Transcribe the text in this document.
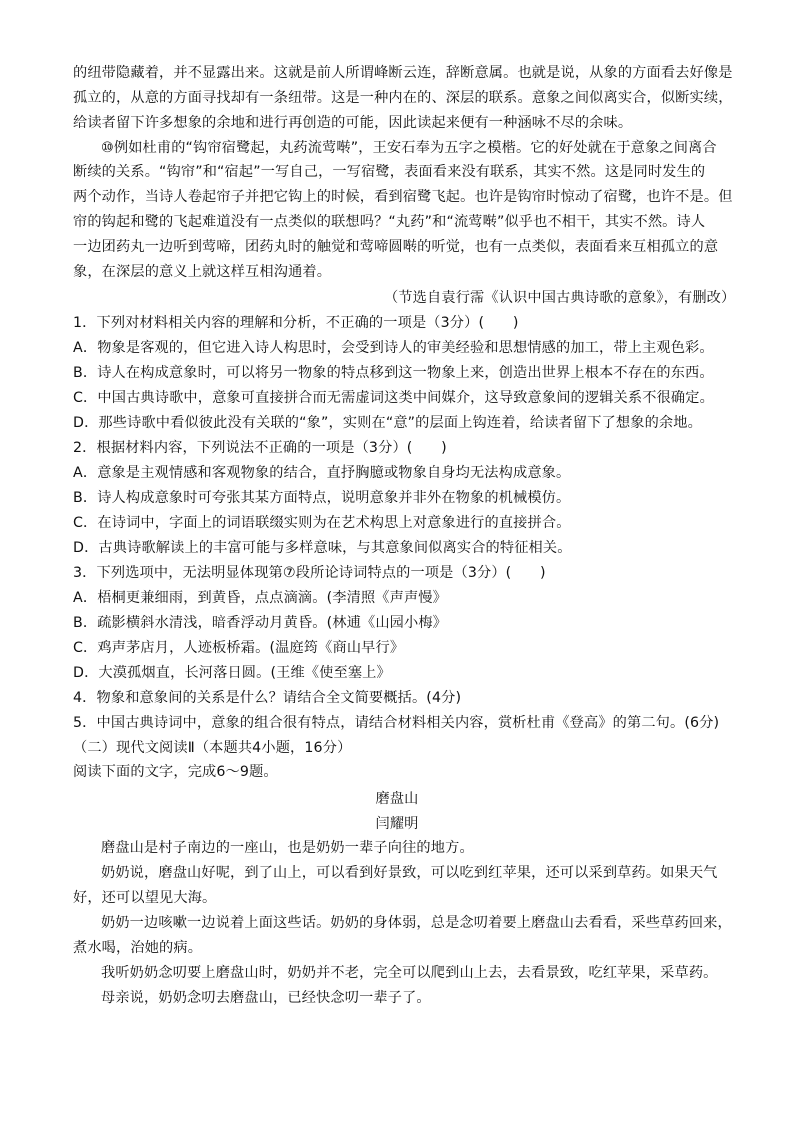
的纽带隐藏着，并不显露出来。这就是前人所谓峰断云连，辞断意属。也就是说，从象的方面看去好像是
孤立的，从意的方面寻找却有一条纽带。这是一种内在的、深层的联系。意象之间似离实合，似断实续，
给读者留下许多想象的余地和进行再创造的可能，因此读起来便有一种涵咏不尽的余味。
⑩例如杜甫的“钩帘宿鹭起，丸药流莺啭”，王安石奉为五字之模楷。它的好处就在于意象之间离合
断续的关系。“钩帘”和“宿起”一写自己，一写宿鹭，表面看来没有联系，其实不然。这是同时发生的
两个动作，当诗人卷起帘子并把它钩上的时候，看到宿鹭飞起。也许是钩帘时惊动了宿鹭，也许不是。但
帘的钩起和鹭的飞起难道没有一点类似的联想吗？“丸药”和“流莺啭”似乎也不相干，其实不然。诗人
一边团药丸一边听到莺啼，团药丸时的触觉和莺啼圆啭的听觉，也有一点类似，表面看来互相孤立的意
象，在深层的意义上就这样互相沟通着。
（节选自袁行霈《认识中国古典诗歌的意象》，有删改）
1．下列对材料相关内容的理解和分析，不正确的一项是（3分）(　　)
A．物象是客观的，但它进入诗人构思时，会受到诗人的审美经验和思想情感的加工，带上主观色彩。
B．诗人在构成意象时，可以将另一物象的特点移到这一物象上来，创造出世界上根本不存在的东西。
C．中国古典诗歌中，意象可直接拼合而无需虚词这类中间媒介，这导致意象间的逻辑关系不很确定。
D．那些诗歌中看似彼此没有关联的“象”，实则在“意”的层面上钩连着，给读者留下了想象的余地。
2．根据材料内容，下列说法不正确的一项是（3分）(　　)
A．意象是主观情感和客观物象的结合，直抒胸臆或物象自身均无法构成意象。
B．诗人构成意象时可夸张其某方面特点，说明意象并非外在物象的机械模仿。
C．在诗词中，字面上的词语联缀实则为在艺术构思上对意象进行的直接拼合。
D．古典诗歌解读上的丰富可能与多样意味，与其意象间似离实合的特征相关。
3．下列选项中，无法明显体现第⑦段所论诗词特点的一项是（3分）(　　)
A．梧桐更兼细雨，到黄昏，点点滴滴。(李清照《声声慢》
B．疏影横斜水清浅，暗香浮动月黄昏。(林逋《山园小梅》
C．鸡声茅店月，人迹板桥霜。(温庭筠《商山早行》
D．大漠孤烟直，长河落日圆。(王维《使至塞上》
4．物象和意象间的关系是什么？请结合全文简要概括。(4分)
5．中国古典诗词中，意象的组合很有特点，请结合材料相关内容，赏析杜甫《登高》的第二句。(6分)
（二）现代文阅读Ⅱ（本题共4小题，16分）
阅读下面的文字，完成6～9题。
磨盘山
闫耀明
磨盘山是村子南边的一座山，也是奶奶一辈子向往的地方。
奶奶说，磨盘山好呢，到了山上，可以看到好景致，可以吃到红苹果，还可以采到草药。如果天气
好，还可以望见大海。
奶奶一边咳嗽一边说着上面这些话。奶奶的身体弱，总是念叨着要上磨盘山去看看，采些草药回来，
煮水喝，治她的病。
我听奶奶念叨要上磨盘山时，奶奶并不老，完全可以爬到山上去，去看景致，吃红苹果，采草药。
母亲说，奶奶念叨去磨盘山，已经快念叨一辈子了。
